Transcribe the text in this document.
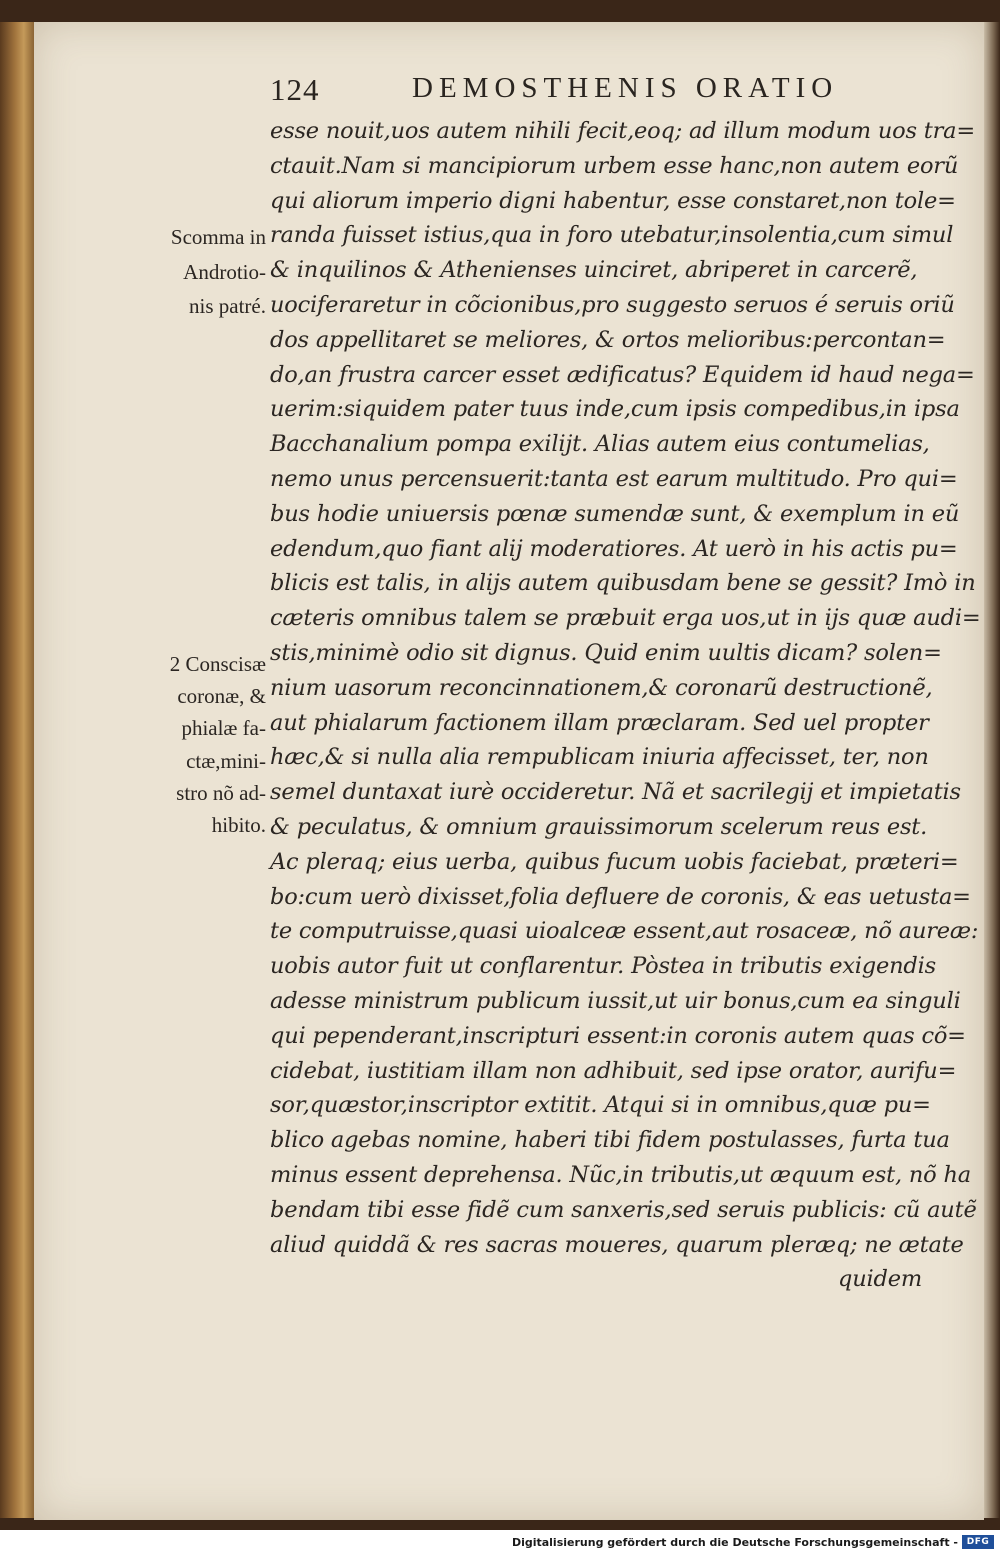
124	DEMOSTHENIS ORATIO
Scomma in
Androtio-
nis patré.
2 Conscisæ
coronæ, &
phialæ fa-
ctæ,mini-
stro nõ ad-
hibito.
esse nouit,uos autem nihili fecit,eoq; ad illum modum uos tra=
ctauit.Nam si mancipiorum urbem esse hanc,non autem eorũ
qui aliorum imperio digni habentur, esse constaret,non tole=
randa fuisset istius,qua in foro utebatur,insolentia,cum simul
& inquilinos & Athenienses uinciret, abriperet in carcerẽ,
uociferaretur in cõcionibus,pro suggesto seruos é seruis oriũ
dos appellitaret se meliores, & ortos melioribus:percontan=
do,an frustra carcer esset ædificatus? Equidem id haud nega=
uerim:siquidem pater tuus inde,cum ipsis compedibus,in ipsa
Bacchanalium pompa exilijt. Alias autem eius contumelias,
nemo unus percensuerit:tanta est earum multitudo. Pro qui=
bus hodie uniuersis pœnæ sumendæ sunt, & exemplum in eũ
edendum,quo fiant alij moderatiores. At uerò in his actis pu=
blicis est talis, in alijs autem quibusdam bene se gessit? Imò in
cæteris omnibus talem se præbuit erga uos,ut in ijs quæ audi=
stis,minimè odio sit dignus. Quid enim uultis dicam? solen=
nium uasorum reconcinnationem,& coronarũ destructionẽ,
aut phialarum factionem illam præclaram. Sed uel propter
hæc,& si nulla alia rempublicam iniuria affecisset, ter, non
semel duntaxat iurè occideretur. Nã et sacrilegij et impietatis
& peculatus, & omnium grauissimorum scelerum reus est.
Ac pleraq; eius uerba, quibus fucum uobis faciebat, præteri=
bo:cum uerò dixisset,folia defluere de coronis, & eas uetusta=
te computruisse,quasi uioalceæ essent,aut rosaceæ, nõ aureæ:
uobis autor fuit ut conflarentur. Pòstea in tributis exigendis
adesse ministrum publicum iussit,ut uir bonus,cum ea singuli
qui pependerant,inscripturi essent:in coronis autem quas cõ=
cidebat, iustitiam illam non adhibuit, sed ipse orator, aurifu=
sor,quæstor,inscriptor extitit. Atqui si in omnibus,quæ pu=
blico agebas nomine, haberi tibi fidem postulasses, furta tua
minus essent deprehensa. Nũc,in tributis,ut æquum est, nõ ha
bendam tibi esse fidẽ cum sanxeris,sed seruis publicis: cũ autẽ
aliud quiddã & res sacras moueres, quarum pleræq; ne ætate
quidem
Digitalisierung gefördert durch die Deutsche Forschungsgemeinschaft - DFG
